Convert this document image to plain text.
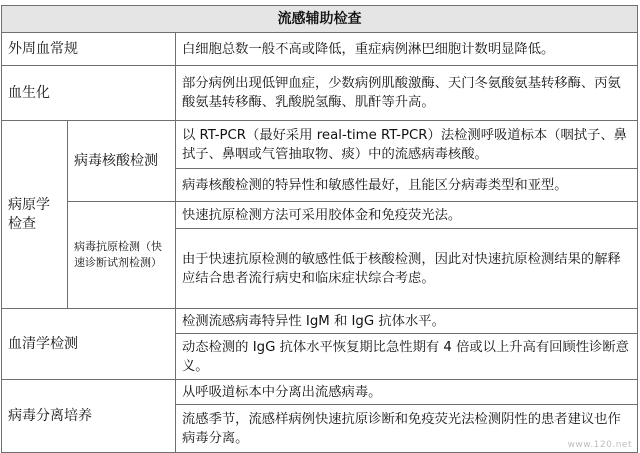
流感辅助检查		
外周血常规		白细胞总数一般不高或降低，重症病例淋巴细胞计数明显降低。
血生化		部分病例出现低钾血症，少数病例肌酸激酶、天门冬氨酸氨基转移酶、丙氨酸氨基转移酶、乳酸脱氢酶、肌酐等升高。
病原学检查	病毒核酸检测	以 RT-PCR（最好采用 real-time RT-PCR）法检测呼吸道标本（咽拭子、鼻拭子、鼻咽或气管抽取物、痰）中的流感病毒核酸。
		病毒核酸检测的特异性和敏感性最好，且能区分病毒类型和亚型。
	病毒抗原检测（快速诊断试剂检测）	快速抗原检测方法可采用胶体金和免疫荧光法。
		由于快速抗原检测的敏感性低于核酸检测，因此对快速抗原检测结果的解释应结合患者流行病史和临床症状综合考虑。
血清学检测		检测流感病毒特异性 IgM 和 IgG 抗体水平。
		动态检测的 IgG 抗体水平恢复期比急性期有 4 倍或以上升高有回顾性诊断意义。
病毒分离培养		从呼吸道标本中分离出流感病毒。
		流感季节，流感样病例快速抗原诊断和免疫荧光法检测阴性的患者建议也作病毒分离。	www.120.net
